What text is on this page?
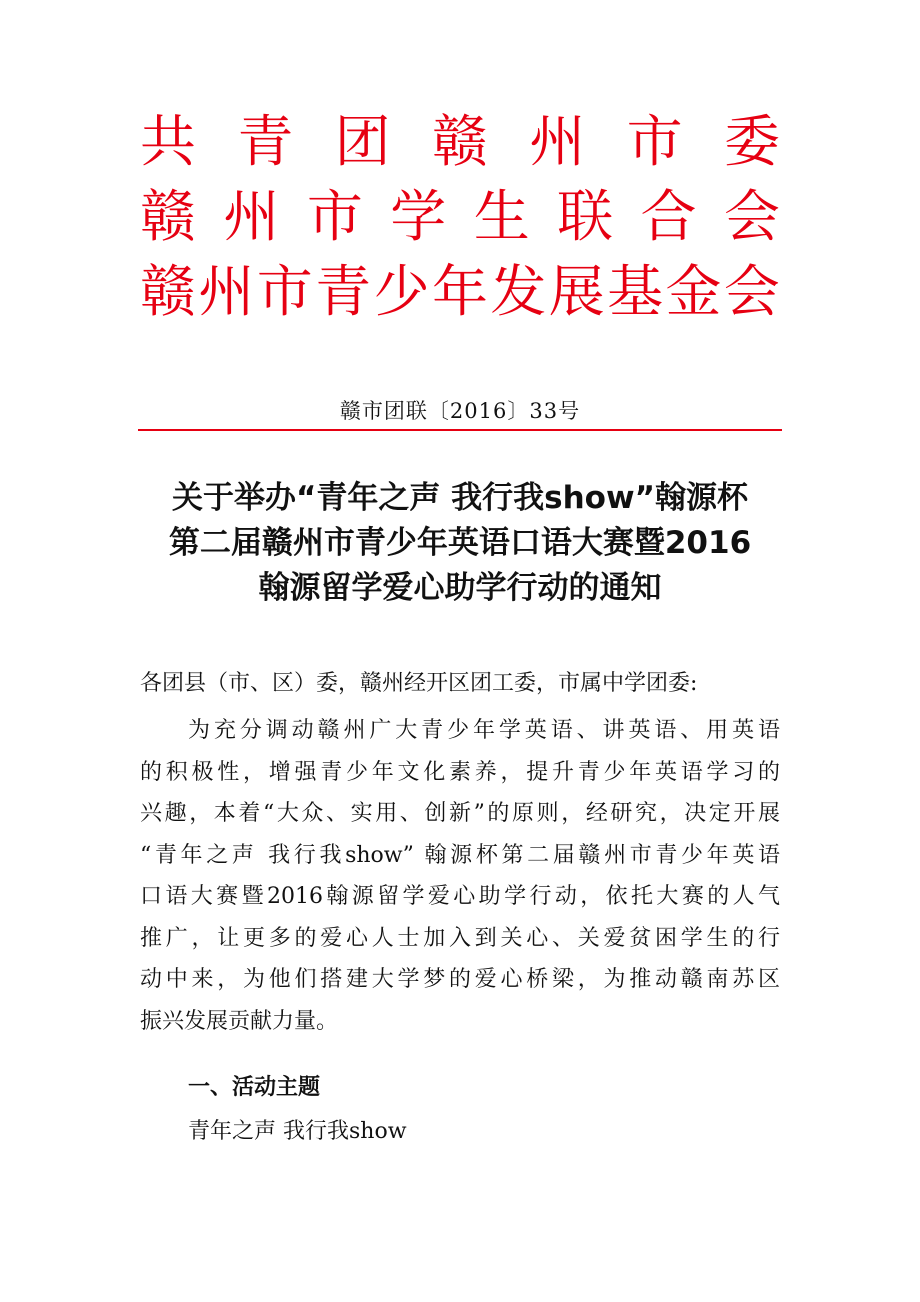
共 青 团 赣 州 市 委
赣 州 市 学 生 联 合 会
赣 州 市 青 少 年 发 展 基 金 会
赣市团联〔2016〕33号
关于举办“青年之声 我行我show”翰源杯
第二届赣州市青少年英语口语大赛暨2016
翰源留学爱心助学行动的通知
各团县（市、区）委，赣州经开区团工委，市属中学团委:
为充分调动赣州广大青少年学英语、讲英语、用英语
的积极性，增强青少年文化素养，提升青少年英语学习的
兴趣，本着“大众、实用、创新”的原则，经研究，决定开展
“青年之声 我行我show” 翰源杯第二届赣州市青少年英语
口语大赛暨2016翰源留学爱心助学行动，依托大赛的人气
推广，让更多的爱心人士加入到关心、关爱贫困学生的行
动中来，为他们搭建大学梦的爱心桥梁，为推动赣南苏区
振兴发展贡献力量。
一、活动主题
青年之声 我行我show
